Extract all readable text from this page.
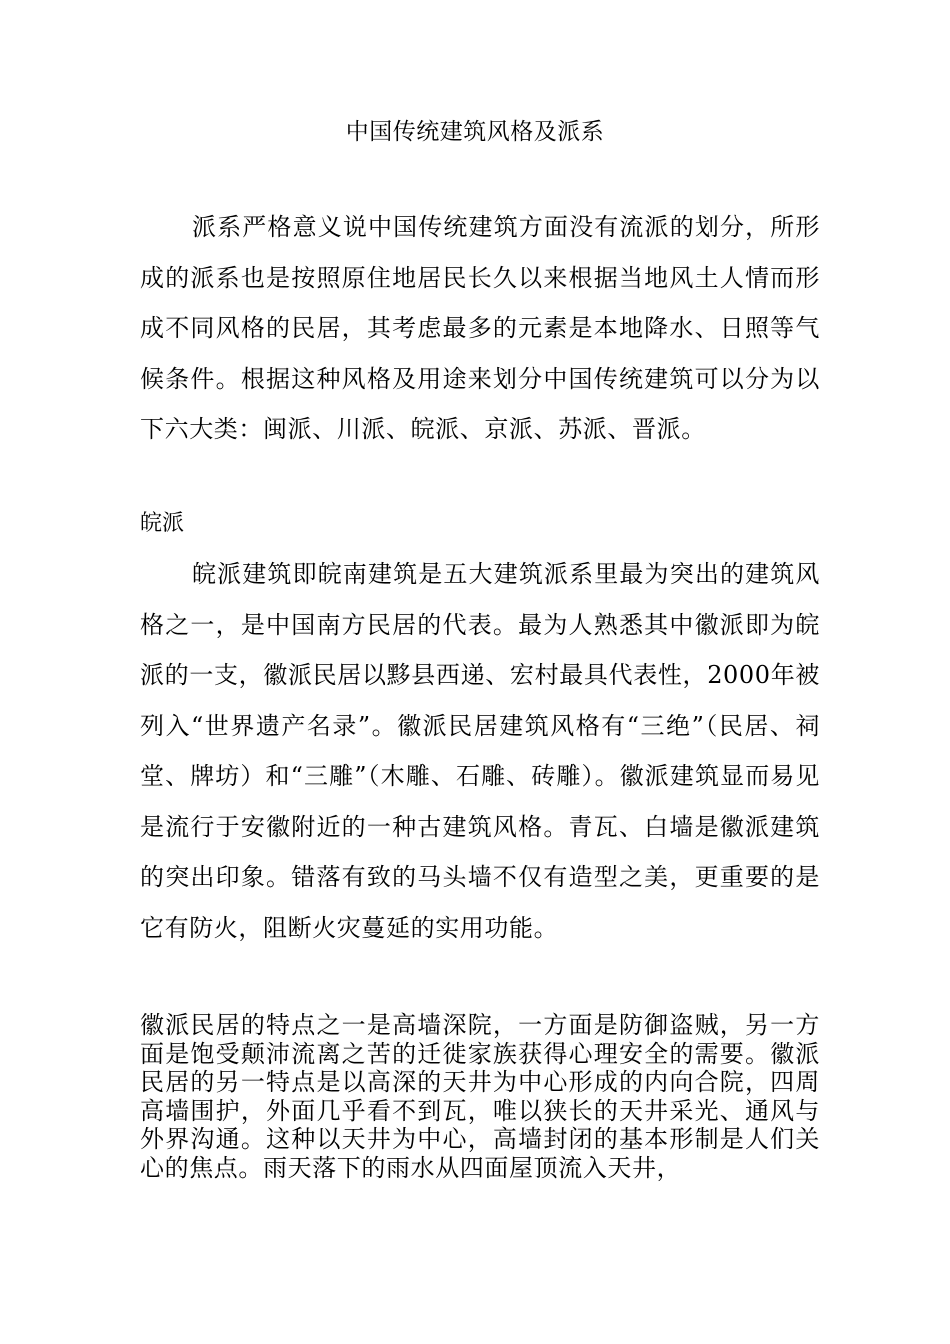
中国传统建筑风格及派系

派系严格意义说中国传统建筑方面没有流派的划分，所形成的派系也是按照原住地居民长久以来根据当地风土人情而形成不同风格的民居，其考虑最多的元素是本地降水、日照等气候条件。根据这种风格及用途来划分中国传统建筑可以分为以下六大类：闽派、川派、皖派、京派、苏派、晋派。

皖派

皖派建筑即皖南建筑是五大建筑派系里最为突出的建筑风格之一，是中国南方民居的代表。最为人熟悉其中徽派即为皖派的一支，徽派民居以黟县西递、宏村最具代表性，2000年被列入“世界遗产名录”。徽派民居建筑风格有“三绝”（民居、祠堂、牌坊）和“三雕”（木雕、石雕、砖雕）。徽派建筑显而易见是流行于安徽附近的一种古建筑风格。青瓦、白墙是徽派建筑的突出印象。错落有致的马头墙不仅有造型之美，更重要的是它有防火，阻断火灾蔓延的实用功能。

徽派民居的特点之一是高墙深院，一方面是防御盗贼，另一方面是饱受颠沛流离之苦的迁徙家族获得心理安全的需要。徽派民居的另一特点是以高深的天井为中心形成的内向合院，四周高墙围护，外面几乎看不到瓦，唯以狭长的天井采光、通风与外界沟通。这种以天井为中心，高墙封闭的基本形制是人们关心的焦点。雨天落下的雨水从四面屋顶流入天井，
